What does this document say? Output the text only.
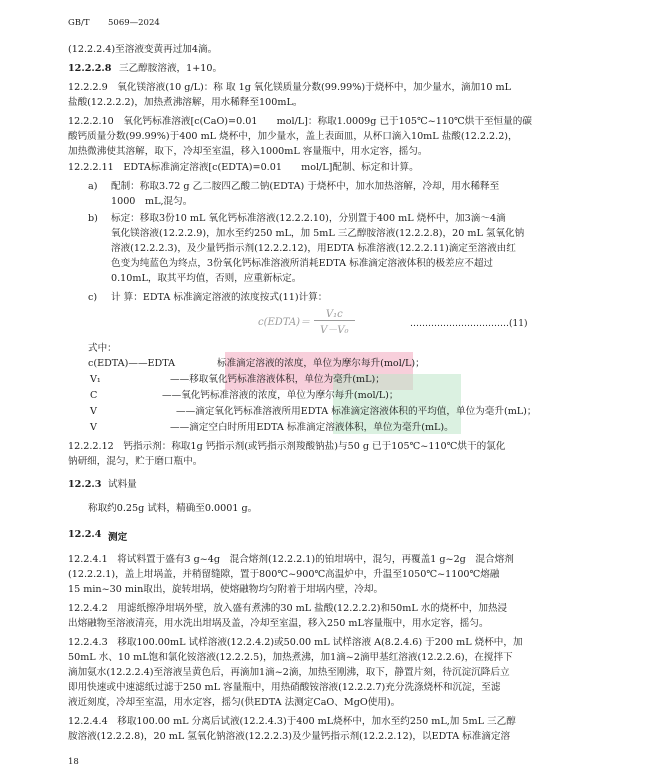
GB/T 5069—2024
(12.2.2.4)至溶液变黄再过加4滴。
12.2.2.8 三乙醇胺溶液，1+10。
12.2.2.9　氧化镁溶液(10 g/L)：称 取 1g 氧化镁质量分数(99.99%)于烧杯中，加少量水，滴加10 mL
盐酸(12.2.2.2)，加热煮沸溶解，用水稀释至100mL。
12.2.2.10　氧化钙标准溶液[c(CaO)=0.01　　mol/L]：称取1.0009g 已于105℃~110℃烘干至恒量的碳
酸钙质量分数(99.99%)于400 mL 烧杯中，加少量水，盖上表面皿，从杯口滴入10mL 盐酸(12.2.2.2)，
加热微沸使其溶解，取下，冷却至室温，移入1000mL 容量瓶中，用水定容，摇匀。
12.2.2.11　EDTA标准滴定溶液[c(EDTA)=0.01　　mol/L]配制、标定和计算。
a) 配制：称取3.72 g 乙二胺四乙酸二钠(EDTA) 于烧杯中，加水加热溶解，冷却，用水稀释至
1000　mL,混匀。
b) 标定：移取3份10 mL 氧化钙标准溶液(12.2.2.10)，分别置于400 mL 烧杯中，加3滴～4滴
氧化镁溶液(12.2.2.9)，加水至约250 mL，加 5mL 三乙醇胺溶液(12.2.2.8)，20 mL 氢氧化钠
溶液(12.2.2.3)，及少量钙指示剂(12.2.2.12)，用EDTA 标准溶液(12.2.2.11)滴定至溶液由红
色变为纯蓝色为终点，3份氧化钙标准溶液所消耗EDTA 标准滴定溶液体积的极差应不超过
0.10mL，取其平均值，否则，应重新标定。
c) 计 算：EDTA 标准滴定溶液的浓度按式(11)计算：
c(EDTA)＝ $\frac{\text{V₁c}}{\text{V－V₀}}$	……………………………(11)
式中：
c(EDTA)——EDTA	标准滴定溶液的浓度，单位为摩尔每升(mol/L)；
V₁	——移取氧化钙标准溶液体积，单位为毫升(mL)；
C	——氧化钙标准溶液的浓度，单位为摩尔每升(mol/L)；
V	——滴定氧化钙标准溶液所用EDTA 标准滴定溶液体积的平均值，单位为毫升(mL)；
V	——滴定空白时所用EDTA 标准滴定溶液体积，单位为毫升(mL)。
12.2.2.12　钙指示剂：称取1g 钙指示剂(或钙指示剂羧酸钠盐)与50 g 已于105℃~110℃烘干的氯化
钠研细，混匀，贮于磨口瓶中。
12.2.3 试料量
称取约0.25g 试料，精确至0.0001 g。
12.2.4 测定
12.2.4.1　将试料置于盛有3 g~4g　混合熔剂(12.2.2.1)的铂坩埚中，混匀，再覆盖1 g~2g　混合熔剂
(12.2.2.1)，盖上坩埚盖，并稍留缝隙，置于800℃~900℃高温炉中，升温至1050℃~1100℃熔融
15 min~30 min取出，旋转坩埚，使熔融物均匀附着于坩埚内壁，冷却。
12.2.4.2　用滤纸擦净坩埚外壁，放入盛有煮沸的30 mL 盐酸(12.2.2.2)和50mL 水的烧杯中，加热浸
出熔融物至溶液清亮，用水洗出坩埚及盖，冷却至室温，移入250 mL容量瓶中，用水定容，摇匀。
12.2.4.3　移取100.00mL 试样溶液(12.2.4.2)或50.00 mL 试样溶液 A(8.2.4.6) 于200 mL 烧杯中，加
50mL 水、10 mL饱和氯化铵溶液(12.2.2.5)，加热煮沸，加1滴~2滴甲基红溶液(12.2.2.6)，在搅拌下
滴加氨水(12.2.2.4)至溶液呈黄色后，再滴加1滴~2滴，加热至刚沸，取下，静置片刻，待沉淀沉降后立
即用快速或中速滤纸过滤于250 mL 容量瓶中，用热硝酸铵溶液(12.2.2.7)充分洗涤烧杯和沉淀，至滤
液近刻度，冷却至室温，用水定容，摇匀(供EDTA 法测定CaO、MgO使用)。
12.2.4.4　移取100.00 mL 分离后试液(12.2.4.3)于400 mL烧杯中，加水至约250 mL,加 5mL 三乙醇
胺溶液(12.2.2.8)，20 mL 氢氧化钠溶液(12.2.2.3)及少量钙指示剂(12.2.2.12)，以EDTA 标准滴定溶
18
